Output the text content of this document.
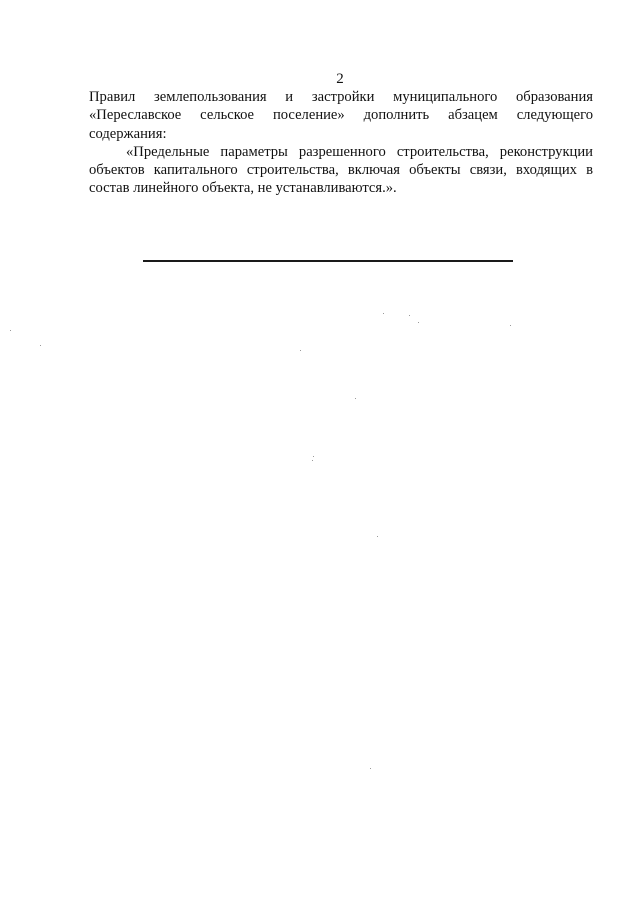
2

Правил землепользования и застройки муниципального образования
«Переславское сельское поселение» дополнить абзацем следующего
содержания:

«Предельные параметры разрешенного строительства, реконструкции
объектов капитального строительства, включая объекты связи, входящих в
состав линейного объекта, не устанавливаются.».
